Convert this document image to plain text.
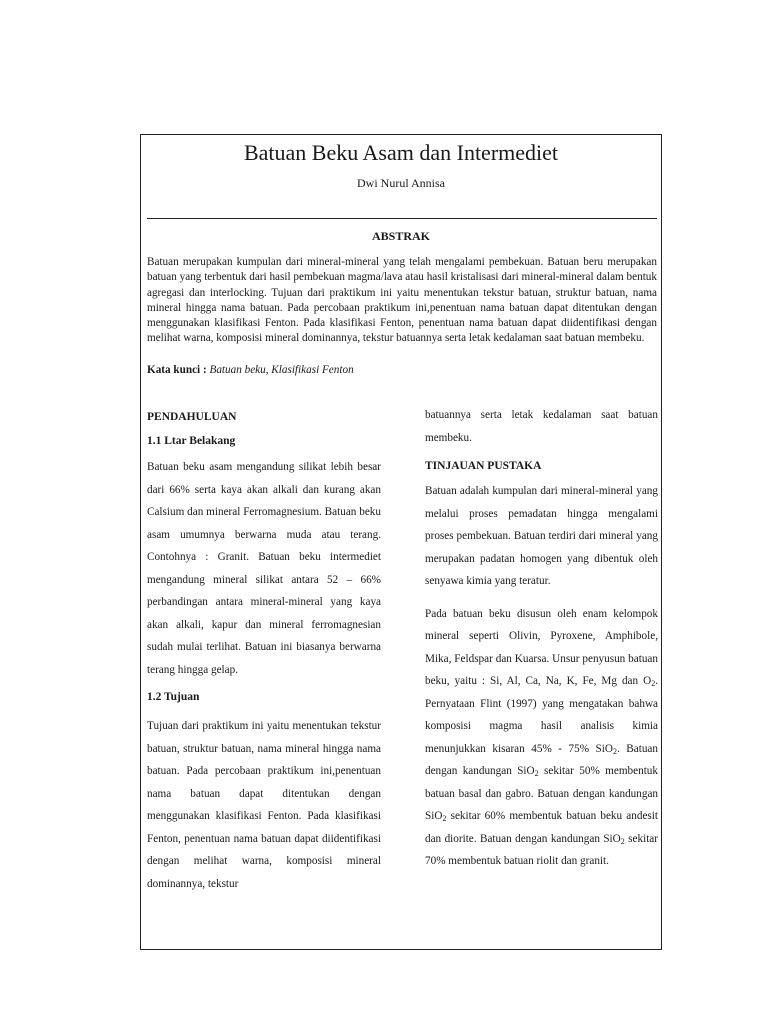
Batuan Beku Asam dan Intermediet
Dwi Nurul Annisa
ABSTRAK
Batuan merupakan kumpulan dari mineral-mineral yang telah mengalami pembekuan. Batuan beru merupakan batuan yang terbentuk dari hasil pembekuan magma/lava atau hasil kristalisasi dari mineral-mineral dalam bentuk agregasi dan interlocking. Tujuan dari praktikum ini yaitu menentukan tekstur batuan, struktur batuan, nama mineral hingga nama batuan. Pada percobaan praktikum ini,penentuan nama batuan dapat ditentukan dengan menggunakan klasifikasi Fenton. Pada klasifikasi Fenton, penentuan nama batuan dapat diidentifikasi dengan melihat warna, komposisi mineral dominannya, tekstur batuannya serta letak kedalaman saat batuan membeku.
Kata kunci : Batuan beku, Klasifikasi Fenton

PENDAHULUAN

1.1 Ltar Belakang

Batuan beku asam mengandung silikat lebih besar dari 66% serta kaya akan alkali dan kurang akan Calsium dan mineral Ferromagnesium. Batuan beku asam umumnya berwarna muda atau terang. Contohnya : Granit. Batuan beku intermediet mengandung mineral silikat antara 52 – 66% perbandingan antara mineral-mineral yang kaya akan alkali, kapur dan mineral ferromagnesian sudah mulai terlihat. Batuan ini biasanya berwarna terang hingga gelap.

1.2 Tujuan

Tujuan dari praktikum ini yaitu menentukan tekstur batuan, struktur batuan, nama mineral hingga nama batuan. Pada percobaan praktikum ini,penentuan nama batuan dapat ditentukan dengan menggunakan klasifikasi Fenton. Pada klasifikasi Fenton, penentuan nama batuan dapat diidentifikasi dengan melihat warna, komposisi mineral dominannya, tekstur

batuannya serta letak kedalaman saat batuan membeku.

TINJAUAN PUSTAKA

Batuan adalah kumpulan dari mineral-mineral yang melalui proses pemadatan hingga mengalami proses pembekuan. Batuan terdiri dari mineral yang merupakan padatan homogen yang dibentuk oleh senyawa kimia yang teratur.

Pada batuan beku disusun oleh enam kelompok mineral seperti Olivin, Pyroxene, Amphibole, Mika, Feldspar dan Kuarsa. Unsur penyusun batuan beku, yaitu : Si, Al, Ca, Na, K, Fe, Mg dan $O_2$. Pernyataan Flint (1997) yang mengatakan bahwa komposisi magma hasil analisis kimia menunjukkan kisaran 45% - 75% SiO$_2$. Batuan dengan kandungan SiO$_2$ sekitar 50% membentuk batuan basal dan gabro. Batuan dengan kandungan SiO$_2$ sekitar 60% membentuk batuan beku andesit dan diorite. Batuan dengan kandungan SiO$_2$ sekitar 70% membentuk batuan riolit dan granit.
